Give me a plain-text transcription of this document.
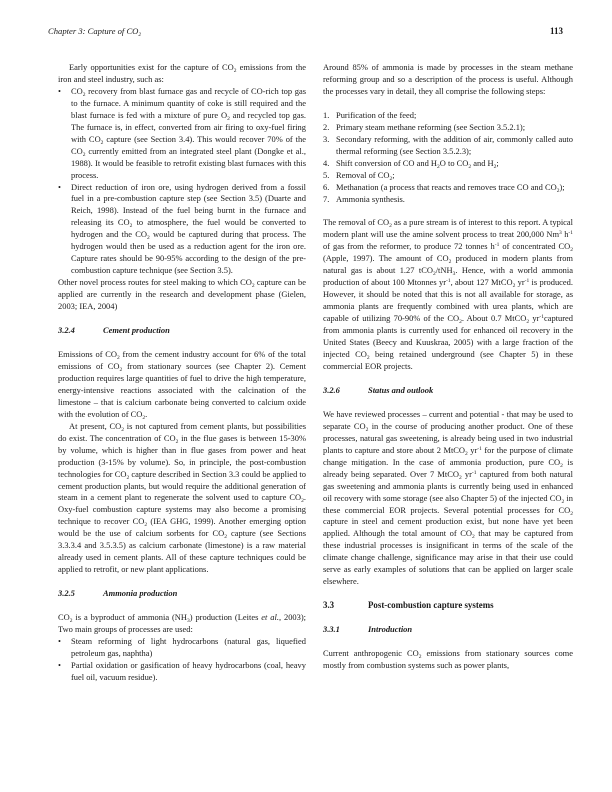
Chapter 3: Capture of $CO_2$	113

Early opportunities exist for the capture of $CO_2$ emissions from the iron and steel industry, such as:

• $CO_2$ recovery from blast furnace gas and recycle of CO-rich top gas to the furnace. A minimum quantity of coke is still required and the blast furnace is fed with a mixture of pure $O_2$ and recycled top gas. The furnace is, in effect, converted from air firing to oxy-fuel firing with $CO_2$ capture (see Section 3.4). This would recover 70% of the $CO_2$ currently emitted from an integrated steel plant (Dongke et al., 1988). It would be feasible to retrofit existing blast furnaces with this process.
• Direct reduction of iron ore, using hydrogen derived from a fossil fuel in a pre-combustion capture step (see Section 3.5) (Duarte and Reich, 1998). Instead of the fuel being burnt in the furnace and releasing its $CO_2$ to atmosphere, the fuel would be converted to hydrogen and the $CO_2$ would be captured during that process. The hydrogen would then be used as a reduction agent for the iron ore. Capture rates should be 90-95% according to the design of the pre-combustion capture technique (see Section 3.5).

Other novel process routes for steel making to which $CO_2$ capture can be applied are currently in the research and development phase (Gielen, 2003; IEA, 2004)

3.2.4	Cement production

Emissions of $CO_2$ from the cement industry account for 6% of the total emissions of $CO_2$ from stationary sources (see Chapter 2). Cement production requires large quantities of fuel to drive the high temperature, energy-intensive reactions associated with the calcination of the limestone – that is calcium carbonate being converted to calcium oxide with the evolution of $CO_2$.

At present, $CO_2$ is not captured from cement plants, but possibilities do exist. The concentration of $CO_2$ in the flue gases is between 15-30% by volume, which is higher than in flue gases from power and heat production (3-15% by volume). So, in principle, the post-combustion technologies for $CO_2$ capture described in Section 3.3 could be applied to cement production plants, but would require the additional generation of steam in a cement plant to regenerate the solvent used to capture $CO_2$. Oxy-fuel combustion capture systems may also become a promising technique to recover $CO_2$ (IEA GHG, 1999). Another emerging option would be the use of calcium sorbents for $CO_2$ capture (see Sections 3.3.3.4 and 3.5.3.5) as calcium carbonate (limestone) is a raw material already used in cement plants. All of these capture techniques could be applied to retrofit, or new plant applications.

3.2.5	Ammonia production

$CO_2$ is a byproduct of ammonia $(NH_3)$ production (Leites et al., 2003); Two main groups of processes are used:

• Steam reforming of light hydrocarbons (natural gas, liquefied petroleum gas, naphtha)
• Partial oxidation or gasification of heavy hydrocarbons (coal, heavy fuel oil, vacuum residue).

Around 85% of ammonia is made by processes in the steam methane reforming group and so a description of the process is useful. Although the processes vary in detail, they all comprise the following steps:

1. Purification of the feed;
2. Primary steam methane reforming (see Section 3.5.2.1);
3. Secondary reforming, with the addition of air, commonly called auto thermal reforming (see Section 3.5.2.3);
4. Shift conversion of CO and $H_2O$ to $CO_2$ and $H_2$;
5. Removal of $CO_2$;
6. Methanation (a process that reacts and removes trace CO and $CO_2$);
7. Ammonia synthesis.

The removal of $CO_2$ as a pure stream is of interest to this report. A typical modern plant will use the amine solvent process to treat 200,000 Nm$^3$ $h^{-1}$ of gas from the reformer, to produce 72 tonnes $h^{-1}$ of concentrated $CO_2$ (Apple, 1997). The amount of $CO_2$ produced in modern plants from natural gas is about 1.27 tCO$_2$/tNH$_3$. Hence, with a world ammonia production of about 100 Mtonnes $yr^{-1}$, about 127 MtCO$_2$ $yr^{-1}$ is produced. However, it should be noted that this is not all available for storage, as ammonia plants are frequently combined with urea plants, which are capable of utilizing 70-90% of the $CO_2$. About 0.7 MtCO$_2$ $yr^{-1}captured$ from ammonia plants is currently used for enhanced oil recovery in the United States (Beecy and Kuuskraa, 2005) with a large fraction of the injected $CO_2$ being retained underground (see Chapter 5) in these commercial EOR projects.

3.2.6	Status and outlook

We have reviewed processes – current and potential - that may be used to separate $CO_2$ in the course of producing another product. One of these processes, natural gas sweetening, is already being used in two industrial plants to capture and store about 2 MtCO$_2$ $yr^{-1}$ for the purpose of climate change mitigation. In the case of ammonia production, pure $CO_2$ is already being separated. Over 7 MtCO$_2$ $yr^{-1}$ captured from both natural gas sweetening and ammonia plants is currently being used in enhanced oil recovery with some storage (see also Chapter 5) of the injected $CO_2$ in these commercial EOR projects. Several potential processes for $CO_2$ capture in steel and cement production exist, but none have yet been applied. Although the total amount of $CO_2$ that may be captured from these industrial processes is insignificant in terms of the scale of the climate change challenge, significance may arise in that their use could serve as early examples of solutions that can be applied on larger scale elsewhere.

3.3	Post-combustion capture systems
3.3.1	Introduction

Current anthropogenic $CO_2$ emissions from stationary sources come mostly from combustion systems such as power plants,
